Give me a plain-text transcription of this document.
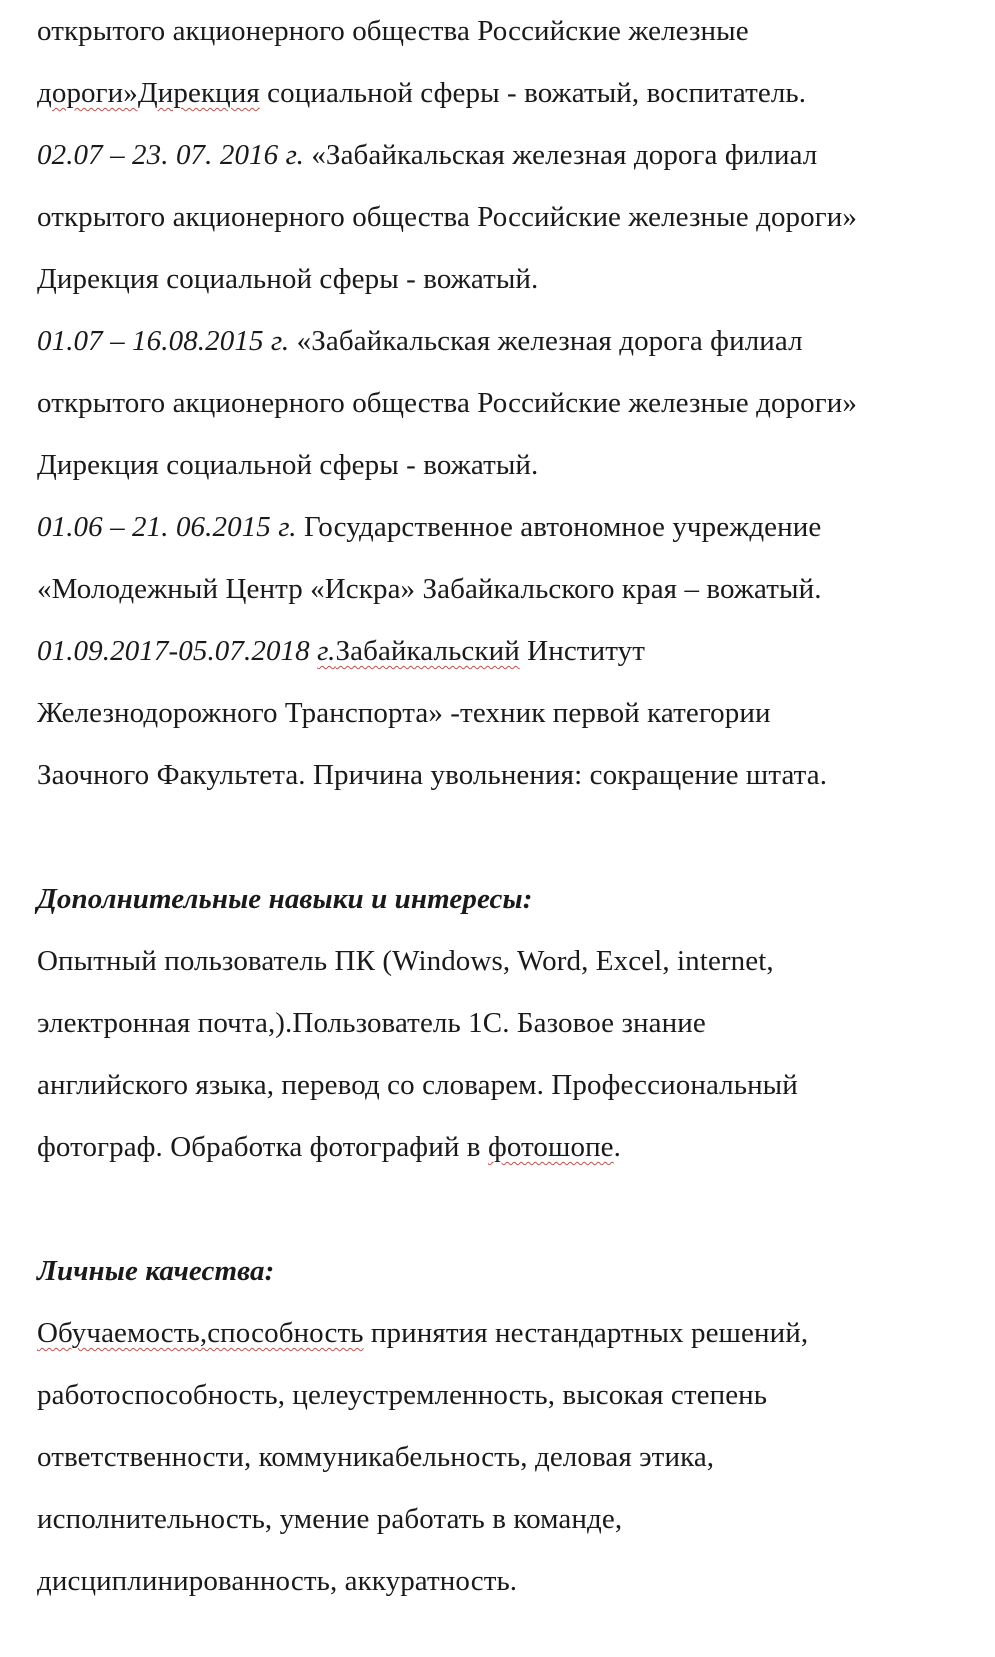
открытого акционерного общества Российские железные
дороги»Дирекция социальной сферы - вожатый, воспитатель.
02.07 – 23. 07. 2016 г. «Забайкальская железная дорога филиал
открытого акционерного общества Российские железные дороги»
Дирекция социальной сферы - вожатый.
01.07 – 16.08.2015 г. «Забайкальская железная дорога филиал
открытого акционерного общества Российские железные дороги»
Дирекция социальной сферы - вожатый.
01.06 – 21. 06.2015 г. Государственное автономное учреждение
«Молодежный Центр «Искра» Забайкальского края – вожатый.
01.09.2017-05.07.2018 г.Забайкальский Институт
Железнодорожного Транспорта» -техник первой категории
Заочного Факультета. Причина увольнения: сокращение штата.
Дополнительные навыки и интересы:
Опытный пользователь ПК (Windows, Word, Excel, internet,
электронная почта,).Пользователь 1С. Базовое знание
английского языка, перевод со словарем. Профессиональный
фотограф. Обработка фотографий в фотошопе.
Личные качества:
Обучаемость,способность принятия нестандартных решений,
работоспособность, целеустремленность, высокая степень
ответственности, коммуникабельность, деловая этика,
исполнительность, умение работать в команде,
дисциплинированность, аккуратность.
